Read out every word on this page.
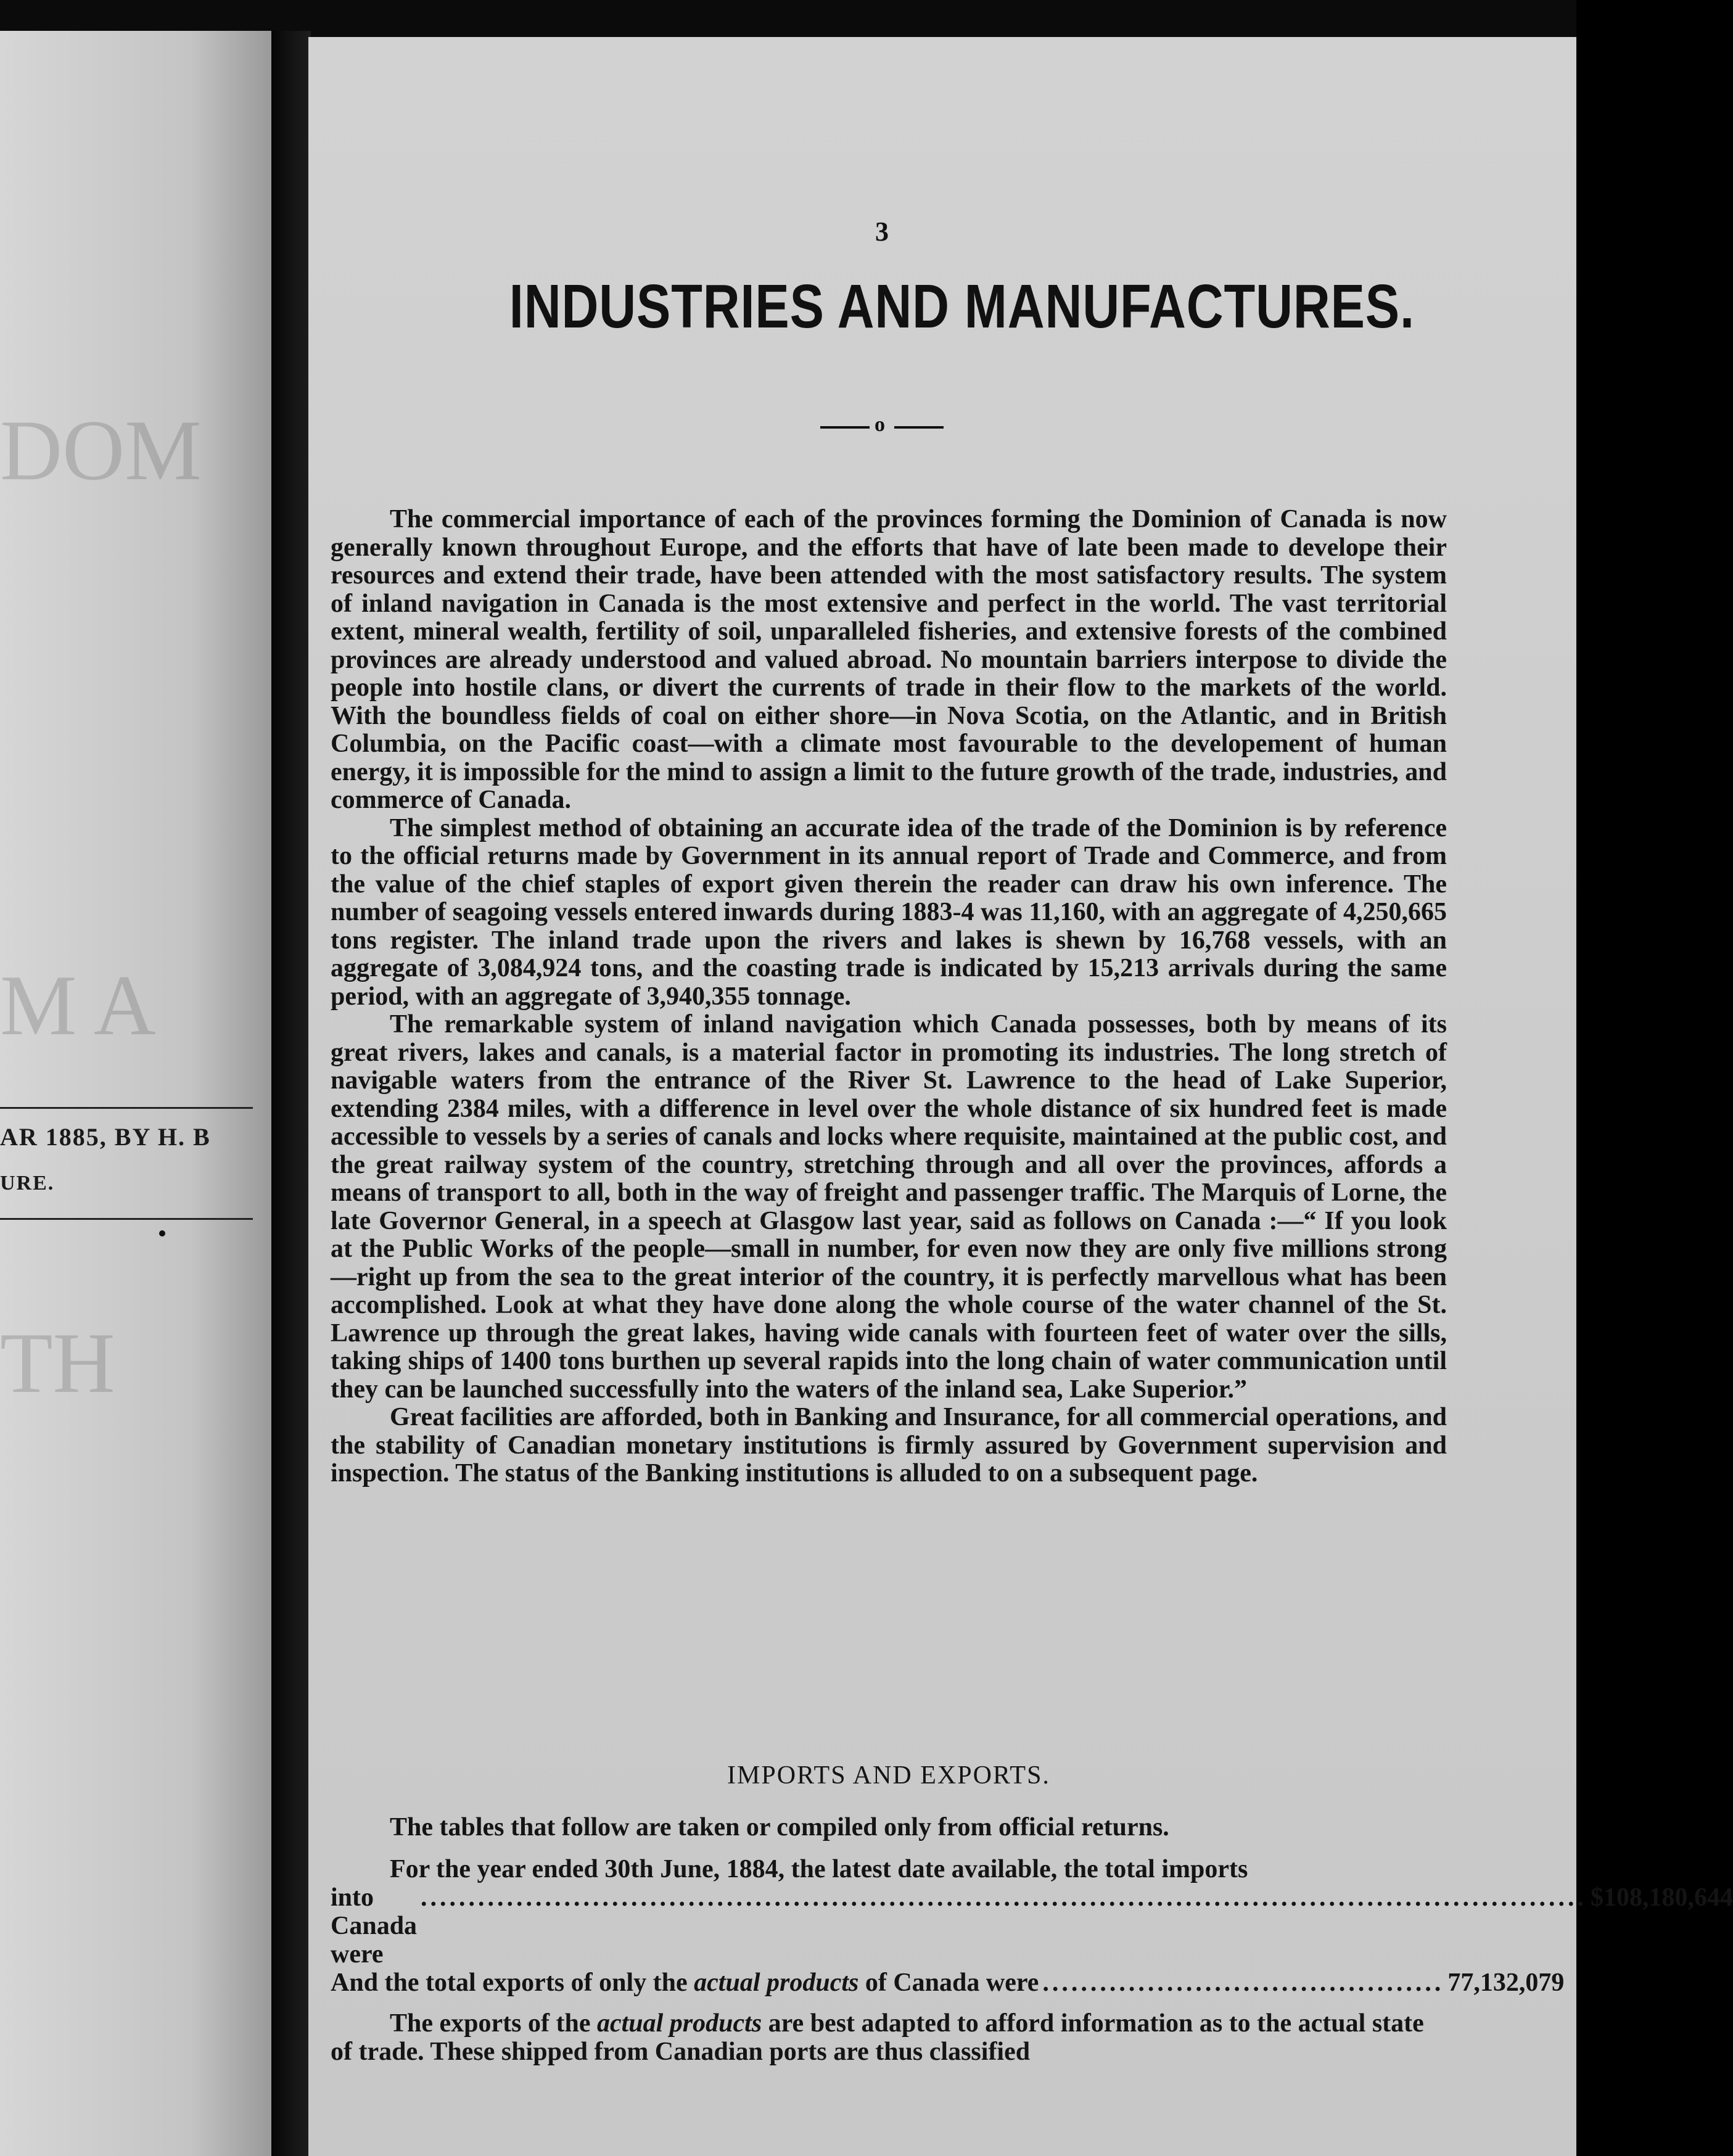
DOM
M A
TH
AR 1885, BY H. B
URE.
3
INDUSTRIES AND MANUFACTURES.
o

The commercial importance of each of the provinces forming the Dominion of Canada is now generally known throughout Europe, and the efforts that have of late been made to develope their resources and extend their trade, have been attended with the most satisfactory results. The system of inland navigation in Canada is the most extensive and perfect in the world. The vast territorial extent, mineral wealth, fertility of soil, unparalleled fisheries, and extensive forests of the combined provinces are already understood and valued abroad. No mountain barriers interpose to divide the people into hostile clans, or divert the currents of trade in their flow to the markets of the world. With the boundless fields of coal on either shore—in Nova Scotia, on the Atlantic, and in British Columbia, on the Pacific coast—with a climate most favourable to the developement of human energy, it is impossible for the mind to assign a limit to the future growth of the trade, industries, and commerce of Canada.

The simplest method of obtaining an accurate idea of the trade of the Dominion is by reference to the official returns made by Government in its annual report of Trade and Commerce, and from the value of the chief staples of export given therein the reader can draw his own inference. The number of seagoing vessels entered inwards during 1883-4 was 11,160, with an aggregate of 4,250,665 tons register. The inland trade upon the rivers and lakes is shewn by 16,768 vessels, with an aggregate of 3,084,924 tons, and the coasting trade is indicated by 15,213 arrivals during the same period, with an aggregate of 3,940,355 tonnage.

The remarkable system of inland navigation which Canada possesses, both by means of its great rivers, lakes and canals, is a material factor in promoting its industries. The long stretch of navigable waters from the entrance of the River St. Lawrence to the head of Lake Superior, extending 2384 miles, with a difference in level over the whole distance of six hundred feet is made accessible to vessels by a series of canals and locks where requisite, maintained at the public cost, and the great railway system of the country, stretching through and all over the provinces, affords a means of transport to all, both in the way of freight and passenger traffic. The Marquis of Lorne, the late Governor General, in a speech at Glasgow last year, said as follows on Canada :—“ If you look at the Public Works of the people—small in number, for even now they are only five millions strong—right up from the sea to the great interior of the country, it is perfectly marvellous what has been accomplished. Look at what they have done along the whole course of the water channel of the St. Lawrence up through the great lakes, having wide canals with fourteen feet of water over the sills, taking ships of 1400 tons burthen up several rapids into the long chain of water communication until they can be launched successfully into the waters of the inland sea, Lake Superior.”

Great facilities are afforded, both in Banking and Insurance, for all commercial operations, and the stability of Canadian monetary institutions is firmly assured by Government supervision and inspection. The status of the Banking institutions is alluded to on a subsequent page.

IMPORTS AND EXPORTS.

The tables that follow are taken or compiled only from official returns.

For the year ended 30th June, 1884, the latest date available, the total imports

into Canada were
.......................................................................................................................... $108,180,644
And the total exports of only the actual products of Canada were .......................................... 77,132,079

The exports of the actual products are best adapted to afford information as to the actual state of trade. These shipped from Canadian ports are thus classified
